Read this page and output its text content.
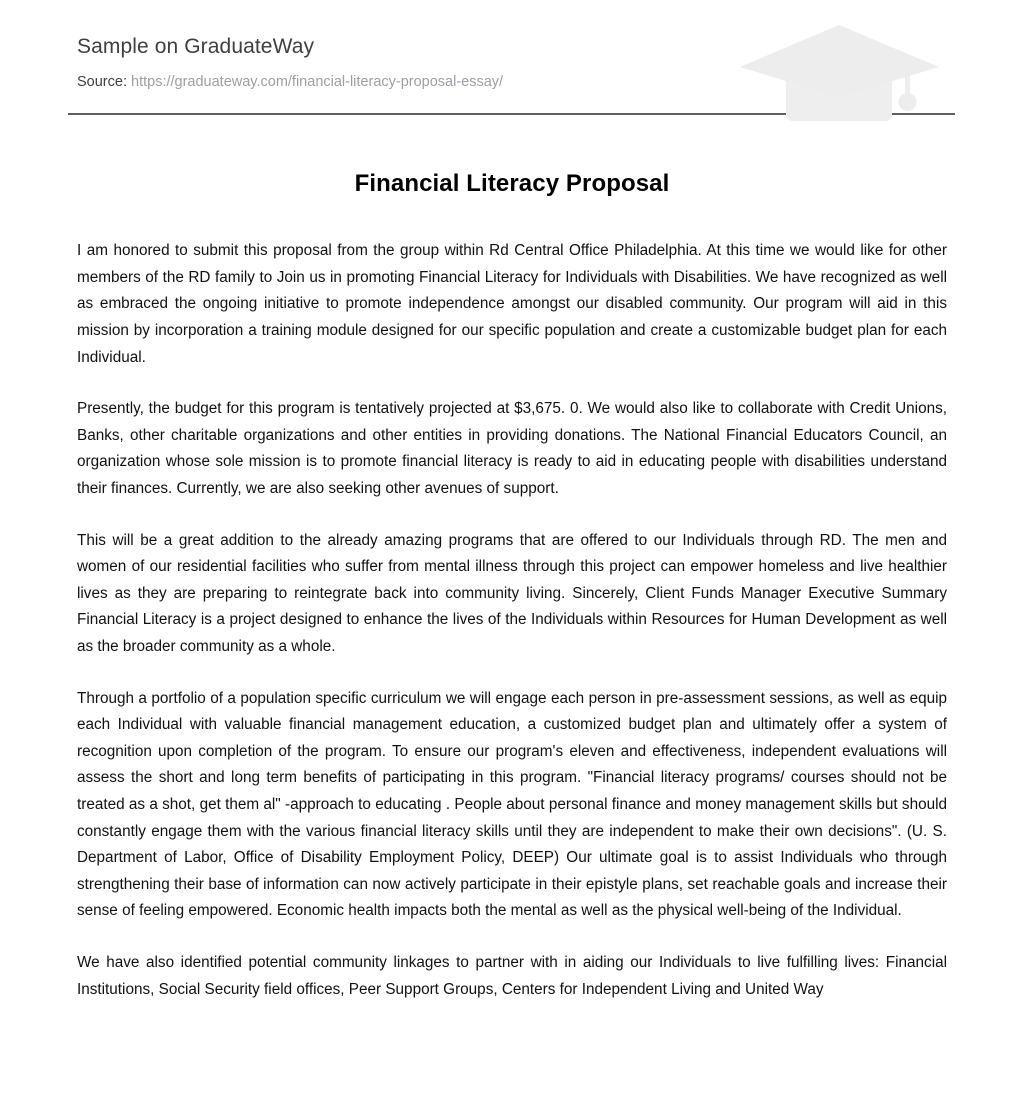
Sample on GraduateWay
Source: https://graduateway.com/financial-literacy-proposal-essay/
Financial Literacy Proposal

I am honored to submit this proposal from the group within Rd Central Office Philadelphia. At this time we would like for other members of the RD family to Join us in promoting Financial Literacy for Individuals with Disabilities. We have recognized as well as embraced the ongoing initiative to promote independence amongst our disabled community. Our program will aid in this mission by incorporation a training module designed for our specific population and create a customizable budget plan for each Individual.

Presently, the budget for this program is tentatively projected at $3,675. 0. We would also like to collaborate with Credit Unions, Banks, other charitable organizations and other entities in providing donations. The National Financial Educators Council, an organization whose sole mission is to promote financial literacy is ready to aid in educating people with disabilities understand their finances. Currently, we are also seeking other avenues of support.

This will be a great addition to the already amazing programs that are offered to our Individuals through RD. The men and women of our residential facilities who suffer from mental illness through this project can empower homeless and live healthier lives as they are preparing to reintegrate back into community living. Sincerely, Client Funds Manager Executive Summary Financial Literacy is a project designed to enhance the lives of the Individuals within Resources for Human Development as well as the broader community as a whole.

Through a portfolio of a population specific curriculum we will engage each person in pre-assessment sessions, as well as equip each Individual with valuable financial management education, a customized budget plan and ultimately offer a system of recognition upon completion of the program. To ensure our program's eleven and effectiveness, independent evaluations will assess the short and long term benefits of participating in this program. "Financial literacy programs/ courses should not be treated as a shot, get them al" -approach to educating . People about personal finance and money management skills but should constantly engage them with the various financial literacy skills until they are independent to make their own decisions". (U. S. Department of Labor, Office of Disability Employment Policy, DEEP) Our ultimate goal is to assist Individuals who through strengthening their base of information can now actively participate in their epistyle plans, set reachable goals and increase their sense of feeling empowered. Economic health impacts both the mental as well as the physical well-being of the Individual.

We have also identified potential community linkages to partner with in aiding our Individuals to live fulfilling lives: Financial Institutions, Social Security field offices, Peer Support Groups, Centers for Independent Living and United Way
